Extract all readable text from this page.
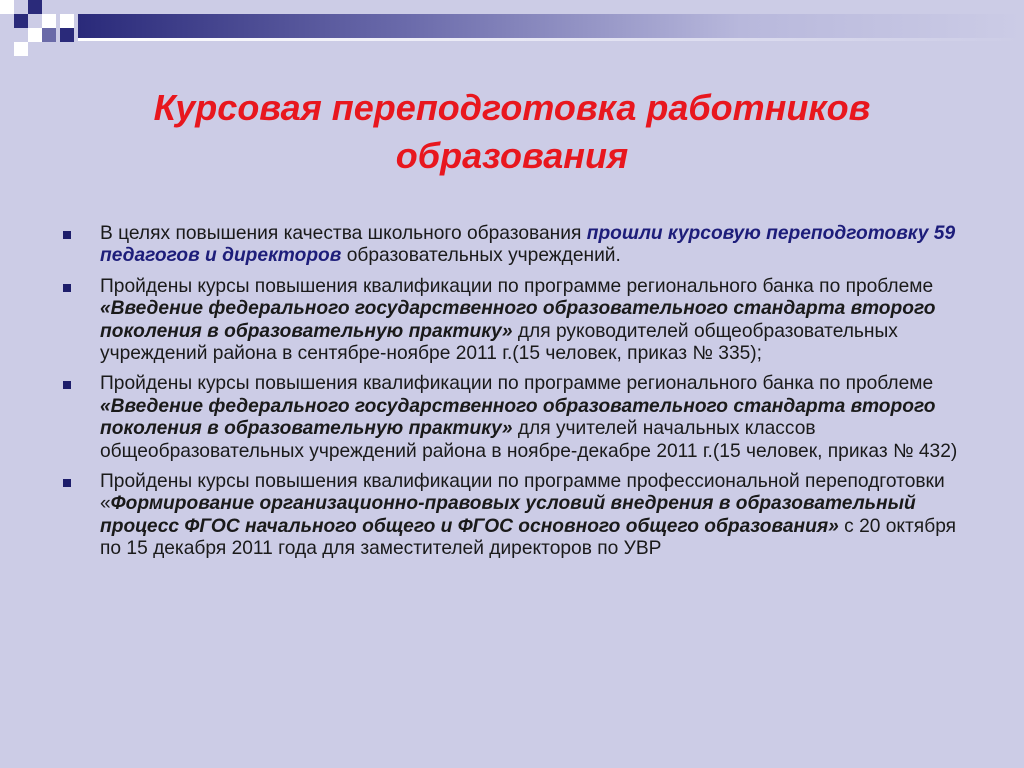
Курсовая переподготовка работников образования
В целях повышения качества школьного образования прошли курсовую переподготовку 59 педагогов и директоров образовательных учреждений.
Пройдены курсы повышения квалификации по программе регионального банка по проблеме «Введение федерального государственного образовательного стандарта второго поколения в образовательную практику» для руководителей общеобразовательных учреждений района в сентябре-ноябре 2011 г.(15 человек, приказ № 335);
Пройдены курсы повышения квалификации по программе регионального банка по проблеме «Введение федерального государственного образовательного стандарта второго поколения в образовательную практику» для учителей начальных классов общеобразовательных учреждений района в ноябре-декабре 2011 г.(15 человек, приказ № 432)
Пройдены курсы повышения квалификации по программе профессиональной переподготовки «Формирование организационно-правовых условий внедрения в образовательный процесс ФГОС начального общего и ФГОС основного общего образования» с 20 октября по 15 декабря 2011 года для заместителей директоров по УВР
